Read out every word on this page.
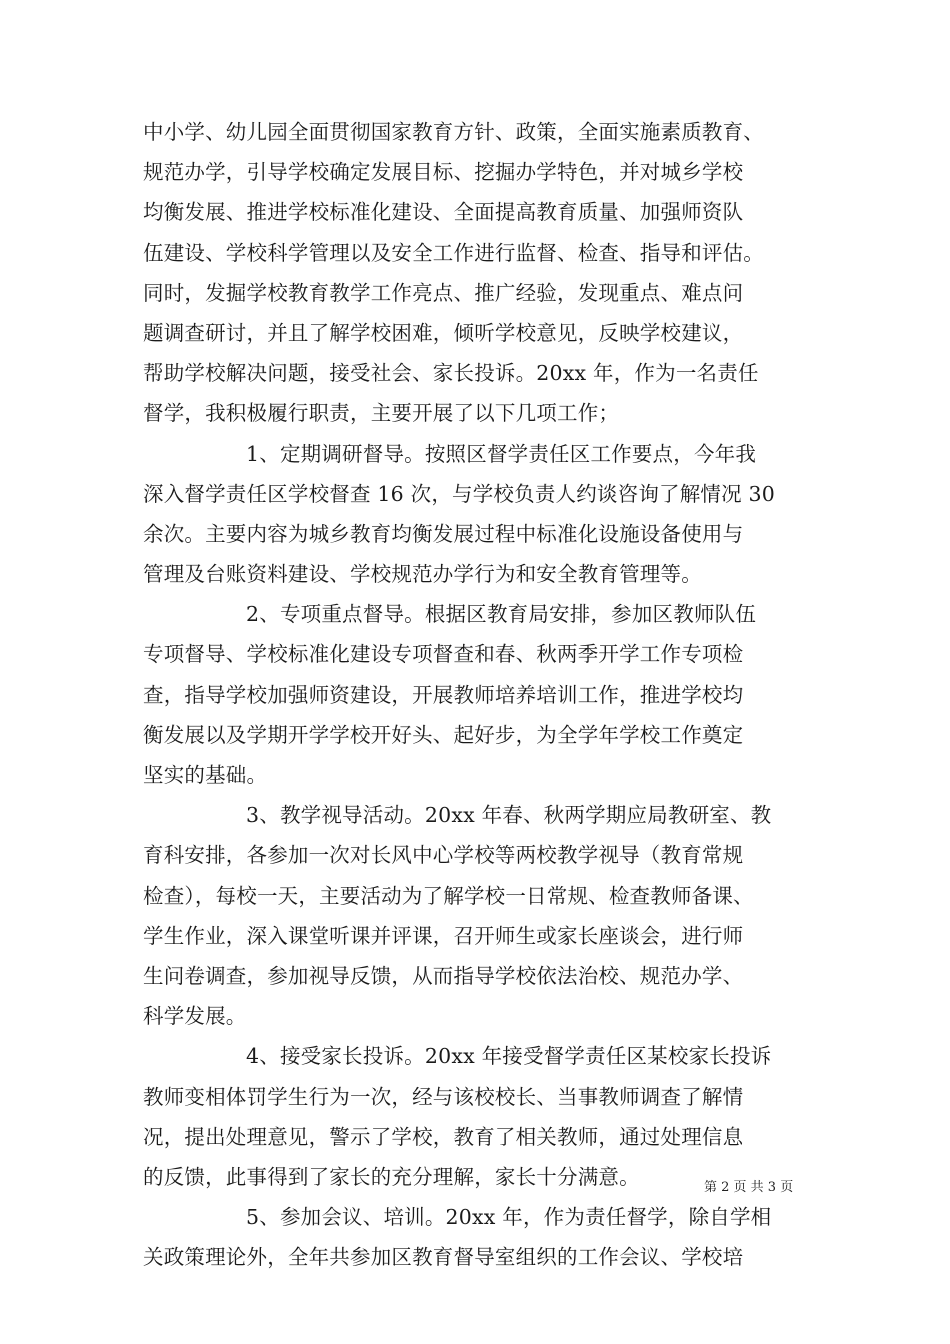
中小学、幼儿园全面贯彻国家教育方针、政策，全面实施素质教育、
规范办学，引导学校确定发展目标、挖掘办学特色，并对城乡学校
均衡发展、推进学校标准化建设、全面提高教育质量、加强师资队
伍建设、学校科学管理以及安全工作进行监督、检查、指导和评估。
同时，发掘学校教育教学工作亮点、推广经验，发现重点、难点问
题调查研讨，并且了解学校困难，倾听学校意见，反映学校建议，
帮助学校解决问题，接受社会、家长投诉。20xx 年，作为一名责任
督学，我积极履行职责，主要开展了以下几项工作；
1、定期调研督导。按照区督学责任区工作要点，今年我
深入督学责任区学校督查 16 次，与学校负责人约谈咨询了解情况 30
余次。主要内容为城乡教育均衡发展过程中标准化设施设备使用与
管理及台账资料建设、学校规范办学行为和安全教育管理等。
2、专项重点督导。根据区教育局安排，参加区教师队伍
专项督导、学校标准化建设专项督查和春、秋两季开学工作专项检
查，指导学校加强师资建设，开展教师培养培训工作，推进学校均
衡发展以及学期开学学校开好头、起好步，为全学年学校工作奠定
坚实的基础。
3、教学视导活动。20xx 年春、秋两学期应局教研室、教
育科安排，各参加一次对长风中心学校等两校教学视导（教育常规
检查），每校一天，主要活动为了解学校一日常规、检查教师备课、
学生作业，深入课堂听课并评课，召开师生或家长座谈会，进行师
生问卷调查，参加视导反馈，从而指导学校依法治校、规范办学、
科学发展。
4、接受家长投诉。20xx 年接受督学责任区某校家长投诉
教师变相体罚学生行为一次，经与该校校长、当事教师调查了解情
况，提出处理意见，警示了学校，教育了相关教师，通过处理信息
的反馈，此事得到了家长的充分理解，家长十分满意。
5、参加会议、培训。20xx 年，作为责任督学，除自学相
关政策理论外，全年共参加区教育督导室组织的工作会议、学校培
第 2 页 共 3 页
